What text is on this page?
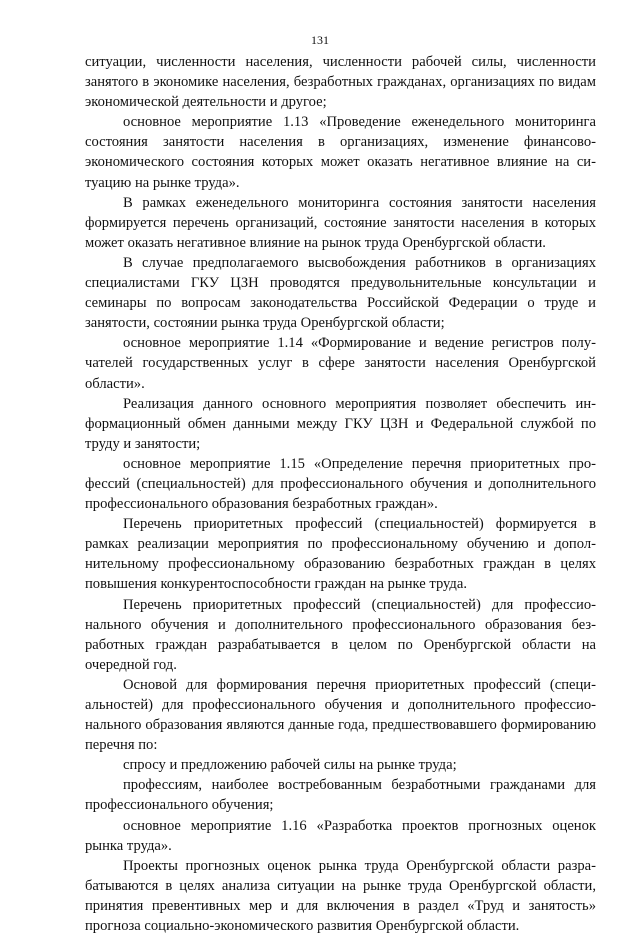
131

ситуации, численности населения, численности рабочей силы, численности занятого в экономике населения, безработных гражданах, организациях по видам экономической деятельности и другое;

основное мероприятие 1.13 «Проведение еженедельного мониторинга состояния занятости населения в организациях, изменение финансово-экономического состояния которых может оказать негативное влияние на ситуацию на рынке труда».

В рамках еженедельного мониторинга состояния занятости населения формируется перечень организаций, состояние занятости населения в которых может оказать негативное влияние на рынок труда Оренбургской области.

В случае предполагаемого высвобождения работников в организациях специалистами ГКУ ЦЗН проводятся предувольнительные консультации и семинары по вопросам законодательства Российской Федерации о труде и занятости, состоянии рынка труда Оренбургской области;

основное мероприятие 1.14 «Формирование и ведение регистров получателей государственных услуг в сфере занятости населения Оренбургской области».

Реализация данного основного мероприятия позволяет обеспечить информационный обмен данными между ГКУ ЦЗН и Федеральной службой по труду и занятости;

основное мероприятие 1.15 «Определение перечня приоритетных профессий (специальностей) для профессионального обучения и дополнительного профессионального образования безработных граждан».

Перечень приоритетных профессий (специальностей) формируется в рамках реализации мероприятия по профессиональному обучению и дополнительному профессиональному образованию безработных граждан в целях повышения конкурентоспособности граждан на рынке труда.

Перечень приоритетных профессий (специальностей) для профессионального обучения и дополнительного профессионального образования безработных граждан разрабатывается в целом по Оренбургской области на очередной год.

Основой для формирования перечня приоритетных профессий (специальностей) для профессионального обучения и дополнительного профессионального образования являются данные года, предшествовавшего формированию перечня по:

спросу и предложению рабочей силы на рынке труда;

профессиям, наиболее востребованным безработными гражданами для профессионального обучения;

основное мероприятие 1.16 «Разработка проектов прогнозных оценок рынка труда».

Проекты прогнозных оценок рынка труда Оренбургской области разрабатываются в целях анализа ситуации на рынке труда Оренбургской области, принятия превентивных мер и для включения в раздел «Труд и занятость» прогноза социально-экономического развития Оренбургской области.
